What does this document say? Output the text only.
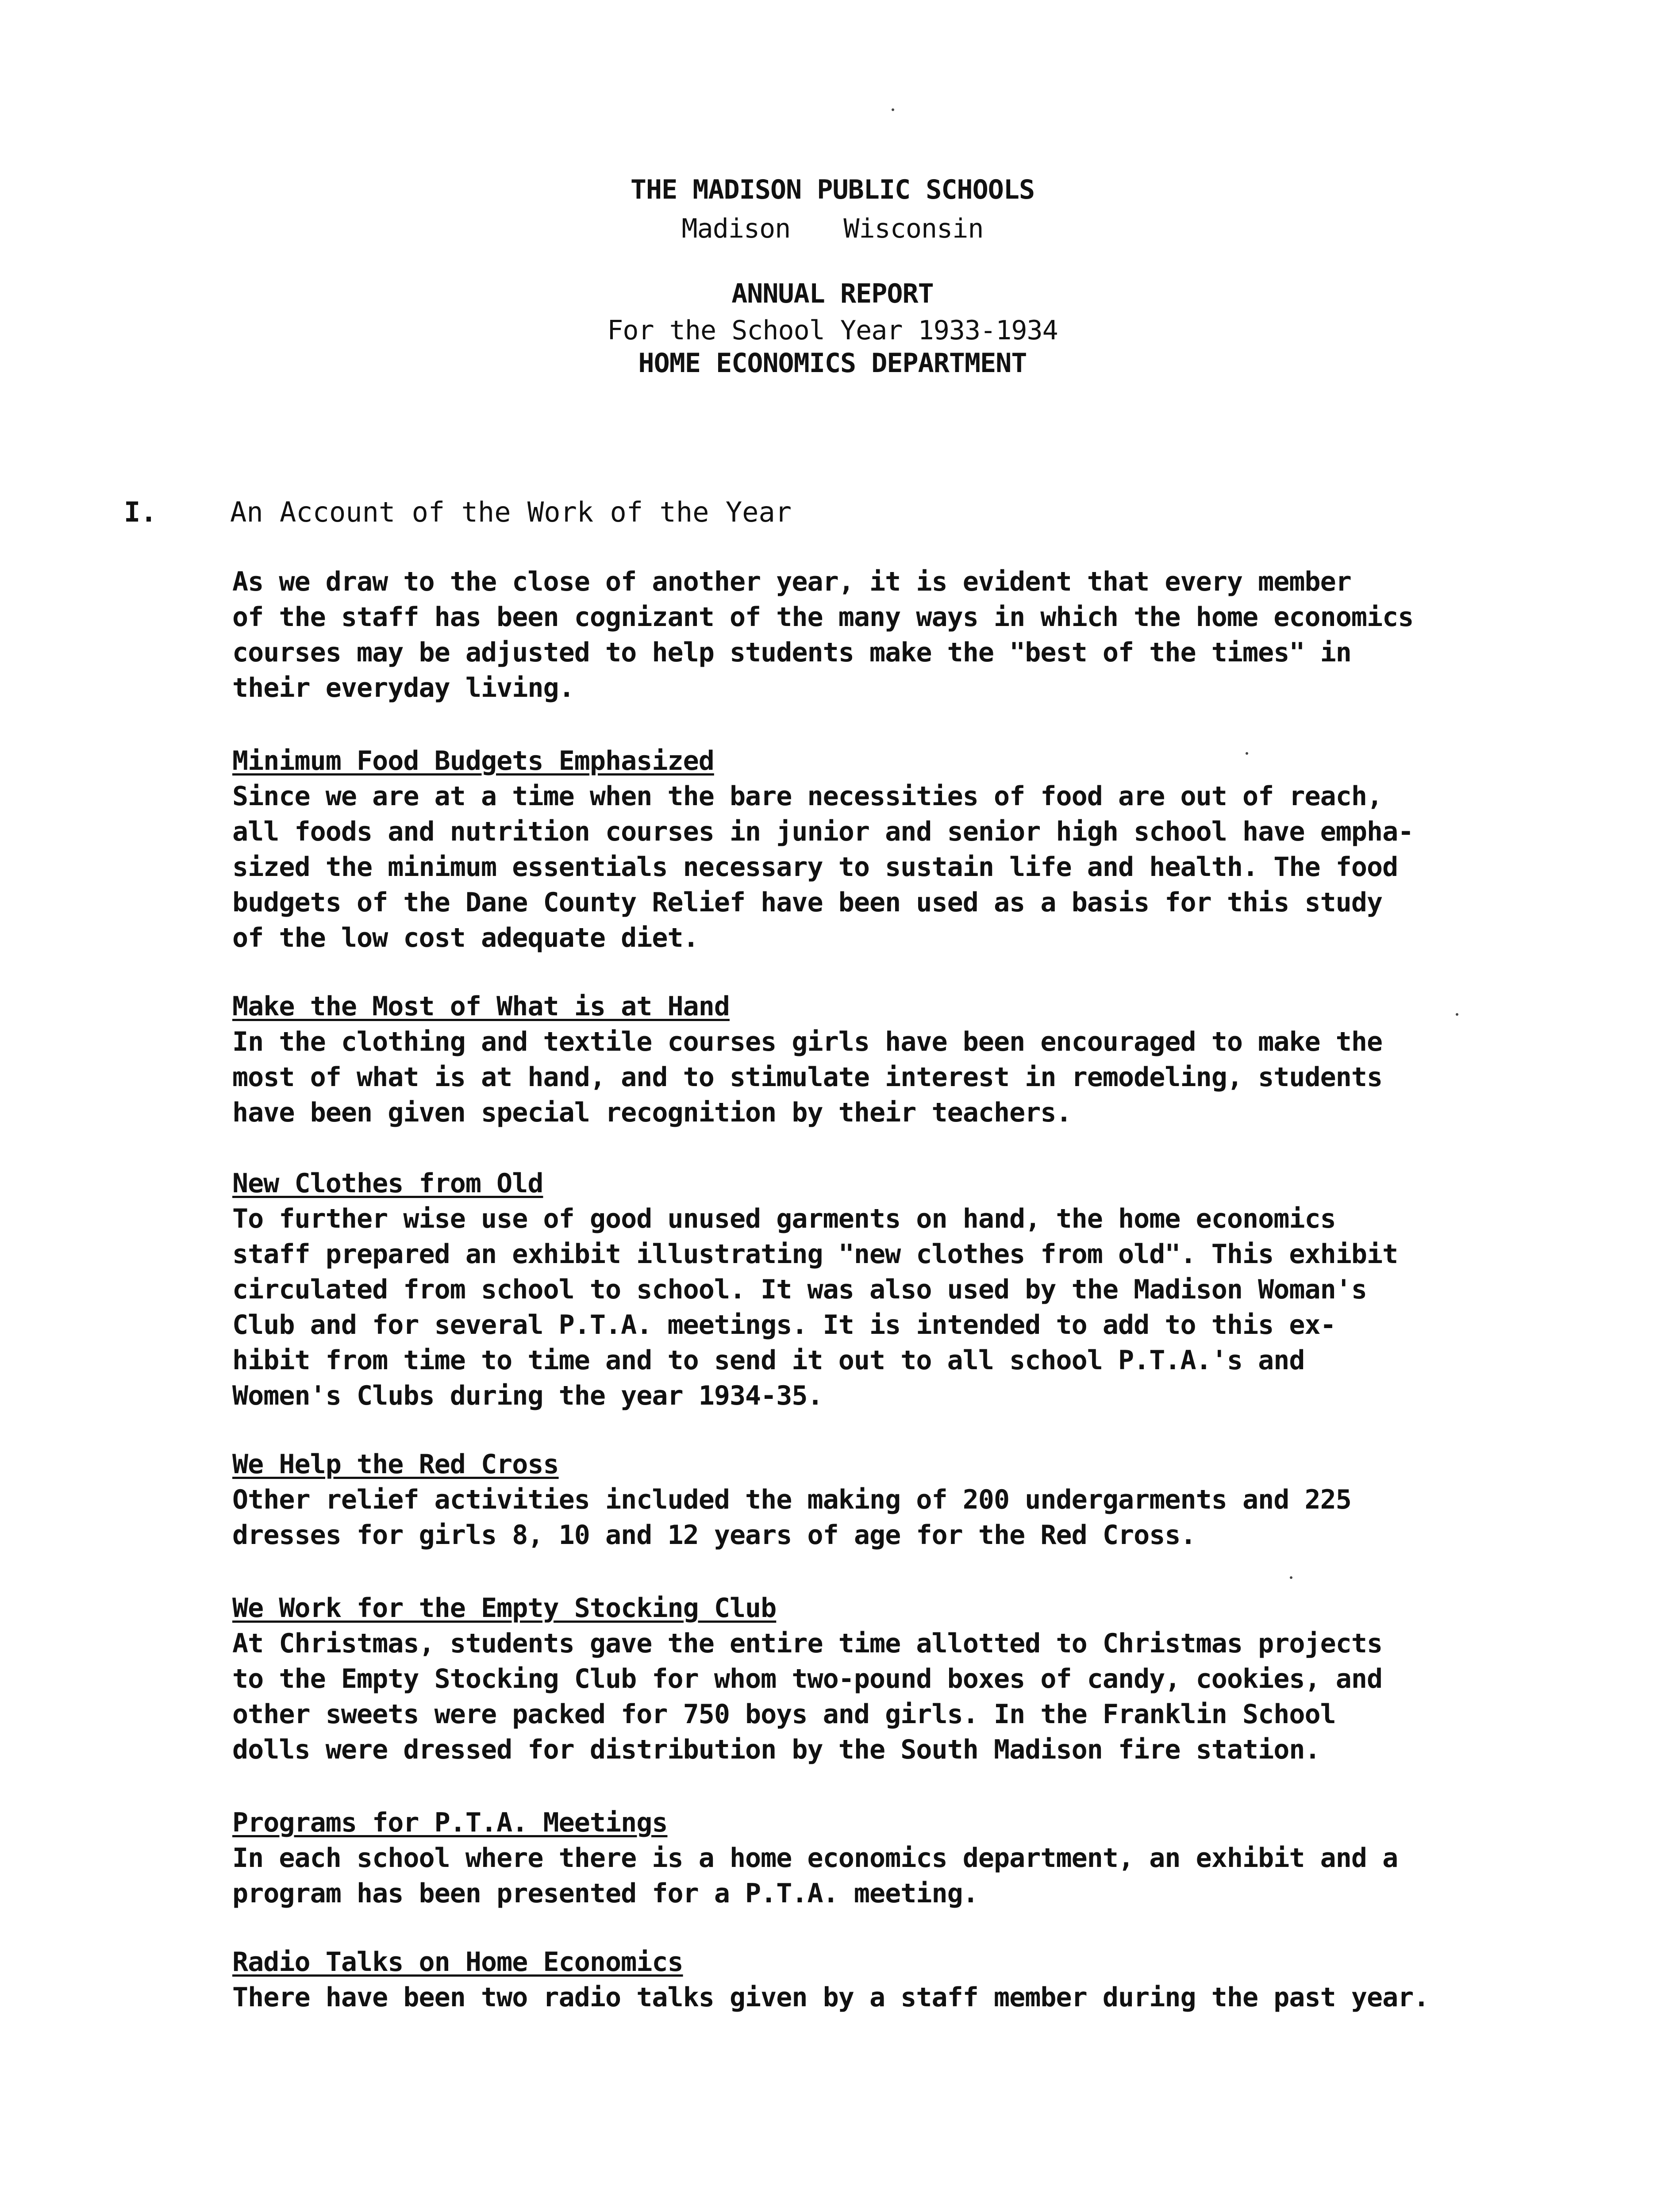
THE MADISON PUBLIC SCHOOLS
Madison Wisconsin
ANNUAL REPORT
For the School Year 1933-1934
HOME ECONOMICS DEPARTMENT
I.	An Account of the Work of the Year
As we draw to the close of another year, it is evident that every member
of the staff has been cognizant of the many ways in which the home economics
courses may be adjusted to help students make the "best of the times" in
their everyday living.
Minimum Food Budgets Emphasized
Since we are at a time when the bare necessities of food are out of reach,
all foods and nutrition courses in junior and senior high school have empha-
sized the minimum essentials necessary to sustain life and health. The food
budgets of the Dane County Relief have been used as a basis for this study
of the low cost adequate diet.
Make the Most of What is at Hand
In the clothing and textile courses girls have been encouraged to make the
most of what is at hand, and to stimulate interest in remodeling, students
have been given special recognition by their teachers.
New Clothes from Old
To further wise use of good unused garments on hand, the home economics
staff prepared an exhibit illustrating "new clothes from old". This exhibit
circulated from school to school. It was also used by the Madison Woman's
Club and for several P.T.A. meetings. It is intended to add to this ex-
hibit from time to time and to send it out to all school P.T.A.'s and
Women's Clubs during the year 1934-35.
We Help the Red Cross
Other relief activities included the making of 200 undergarments and 225
dresses for girls 8, 10 and 12 years of age for the Red Cross.
We Work for the Empty Stocking Club
At Christmas, students gave the entire time allotted to Christmas projects
to the Empty Stocking Club for whom two-pound boxes of candy, cookies, and
other sweets were packed for 750 boys and girls. In the Franklin School
dolls were dressed for distribution by the South Madison fire station.
Programs for P.T.A. Meetings
In each school where there is a home economics department, an exhibit and a
program has been presented for a P.T.A. meeting.
Radio Talks on Home Economics
There have been two radio talks given by a staff member during the past year.
